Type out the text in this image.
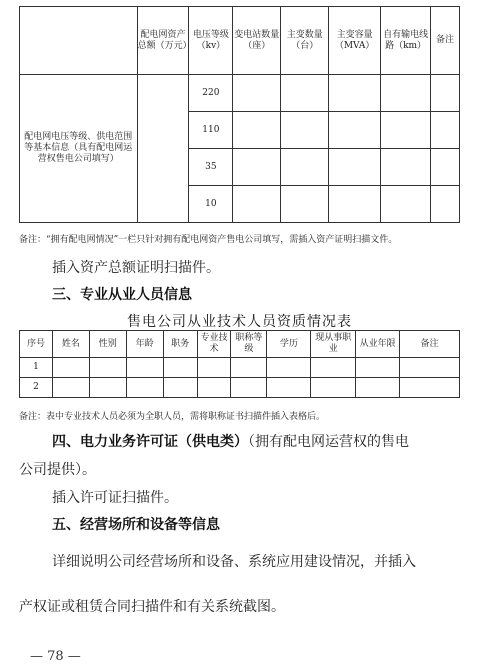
	配电网资产总额（万元）	电压等级（kv）	变电站数量（座）	主变数量（台）	主变容量（MVA）	自有输电线路（km）	备注
配电网电压等级、供电范围等基本信息（具有配电网运营权售电公司填写）		220					
		110					
		35					
		10					
备注：“拥有配电网情况”一栏只针对拥有配电网资产售电公司填写，需插入资产证明扫描文件。
插入资产总额证明扫描件。
三、专业从业人员信息
售电公司从业技术人员资质情况表
序号	姓名	性别	年龄	职务	专业技术	职称等级	学历	现从事职业	从业年限	备注
1										
2										
备注：表中专业技术人员必须为全职人员，需将职称证书扫描件插入表格后。
四、电力业务许可证（供电类）（拥有配电网运营权的售电
公司提供）。
插入许可证扫描件。
五、经营场所和设备等信息
详细说明公司经营场所和设备、系统应用建设情况，并插入
产权证或租赁合同扫描件和有关系统截图。
— 78 —
